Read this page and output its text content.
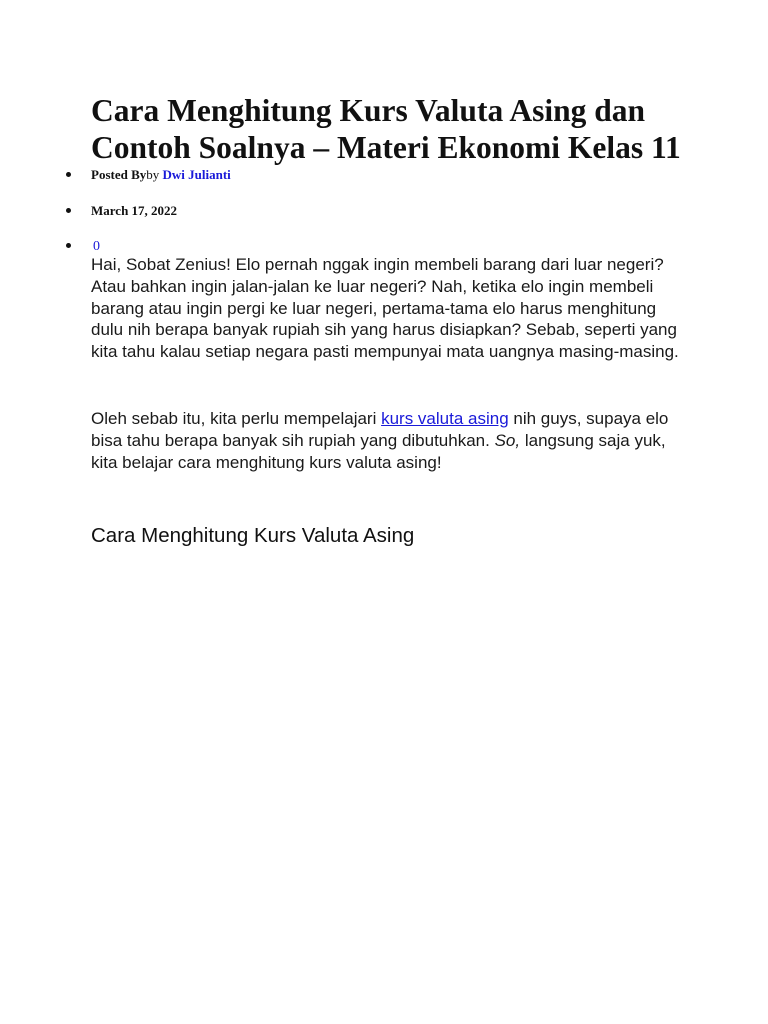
Cara Menghitung Kurs Valuta Asing dan Contoh Soalnya – Materi Ekonomi Kelas 11
Posted Byby Dwi Julianti
March 17, 2022
0

Hai, Sobat Zenius! Elo pernah nggak ingin membeli barang dari luar negeri? Atau bahkan ingin jalan-jalan ke luar negeri? Nah, ketika elo ingin membeli barang atau ingin pergi ke luar negeri, pertama-tama elo harus menghitung dulu nih berapa banyak rupiah sih yang harus disiapkan? Sebab, seperti yang kita tahu kalau setiap negara pasti mempunyai mata uangnya masing-masing.

Oleh sebab itu, kita perlu mempelajari kurs valuta asing nih guys, supaya elo bisa tahu berapa banyak sih rupiah yang dibutuhkan. So, langsung saja yuk, kita belajar cara menghitung kurs valuta asing!

Cara Menghitung Kurs Valuta Asing
